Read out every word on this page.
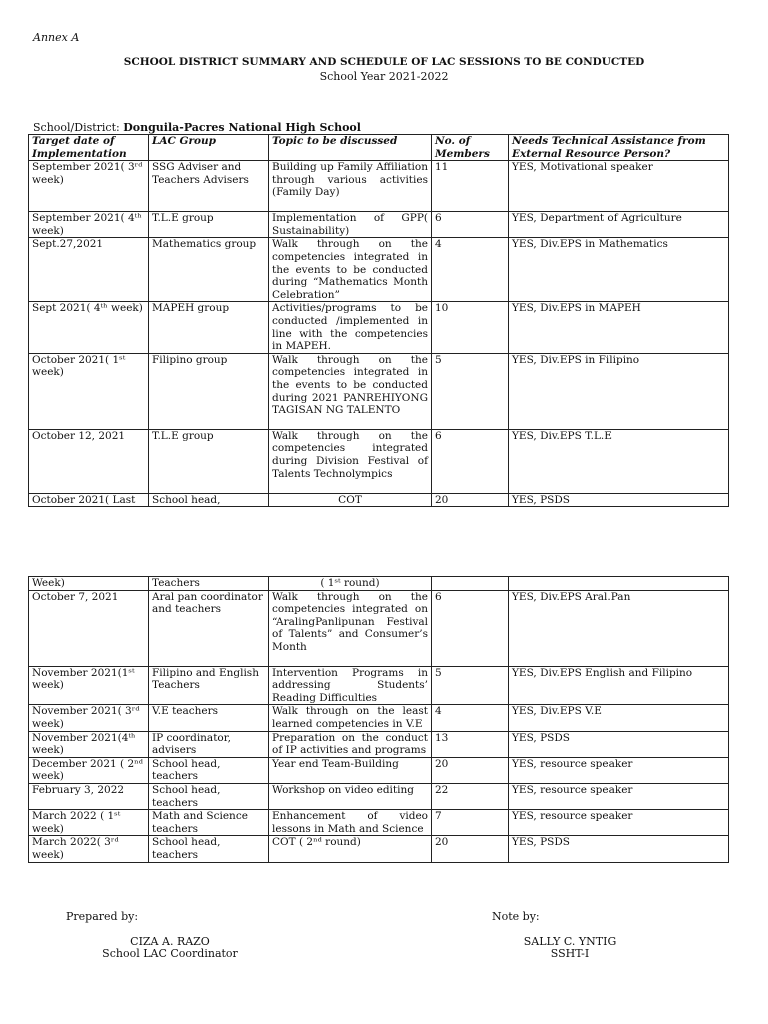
Annex A
SCHOOL DISTRICT SUMMARY AND SCHEDULE OF LAC SESSIONS TO BE CONDUCTED
School Year 2021-2022
School/District: Donguila-Pacres National High School
Target date of Implementation	LAC Group	Topic to be discussed	No. of Members	Needs Technical Assistance from External Resource Person?
September 2021( 3ʳᵈ week)	SSG Adviser and Teachers Advisers	Building up Family Affiliation through various activities (Family Day)	11	YES, Motivational speaker
September 2021( 4ᵗʰ week)	T.L.E group	Implementation of GPP( Sustainability)	6	YES, Department of Agriculture
Sept.27,2021	Mathematics group	Walk through on the competencies integrated in the events to be conducted during “Mathematics Month Celebration”	4	YES, Div.EPS in Mathematics
Sept 2021( 4ᵗʰ week)	MAPEH group	Activities/programs to be conducted /implemented in line with the competencies in MAPEH.	10	YES, Div.EPS in MAPEH
October 2021( 1ˢᵗ week)	Filipino group	Walk through on the competencies integrated in the events to be conducted during 2021 PANREHIYONG TAGISAN NG TALENTO	5	YES, Div.EPS in Filipino
October 12, 2021	T.L.E group	Walk through on the competencies integrated during Division Festival of Talents Technolympics	6	YES, Div.EPS T.L.E
October 2021( Last	School head,	COT	20	YES, PSDS
Week)	Teachers	( 1ˢᵗ round)		
October 7, 2021	Aral pan coordinator and teachers	Walk through on the competencies integrated on “AralingPanlipunan Festival of Talents” and Consumer’s Month	6	YES, Div.EPS Aral.Pan
November 2021(1ˢᵗ week)	Filipino and English Teachers	Intervention Programs in addressing Students’ Reading Difficulties	5	YES, Div.EPS English and Filipino
November 2021( 3ʳᵈ week)	V.E teachers	Walk through on the least learned competencies in V.E	4	YES, Div.EPS V.E
November 2021(4ᵗʰ week)	IP coordinator, advisers	Preparation on the conduct of IP activities and programs	13	YES, PSDS
December 2021 ( 2ⁿᵈ week)	School head, teachers	Year end Team-Building	20	YES, resource speaker
February 3, 2022	School head, teachers	Workshop on video editing	22	YES, resource speaker
March 2022 ( 1ˢᵗ week)	Math and Science teachers	Enhancement of video lessons in Math and Science	7	YES, resource speaker
March 2022( 3ʳᵈ week)	School head, teachers	COT ( 2ⁿᵈ round)	20	YES, PSDS
Prepared by:
CIZA A. RAZO
School LAC Coordinator
Note by:
SALLY C. YNTIG
SSHT-I
